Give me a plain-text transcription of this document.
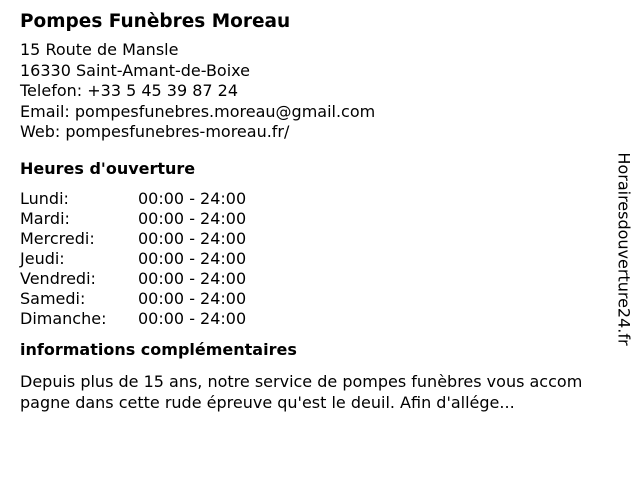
Pompes Funèbres Moreau
15 Route de Mansle
16330 Saint-Amant-de-Boixe
Telefon: +33 5 45 39 87 24
Email: pompesfunebres.moreau@gmail.com
Web: pompesfunebres-moreau.fr/
Heures d'ouverture
Lundi:	00:00 - 24:00
Mardi:	00:00 - 24:00
Mercredi:	00:00 - 24:00
Jeudi:	00:00 - 24:00
Vendredi:	00:00 - 24:00
Samedi:	00:00 - 24:00
Dimanche:	00:00 - 24:00
informations complémentaires
Depuis plus de 15 ans, notre service de pompes funèbres vous accom
pagne dans cette rude épreuve qu'est le deuil. Afin d'allége...
Horairesdouverture24.fr
